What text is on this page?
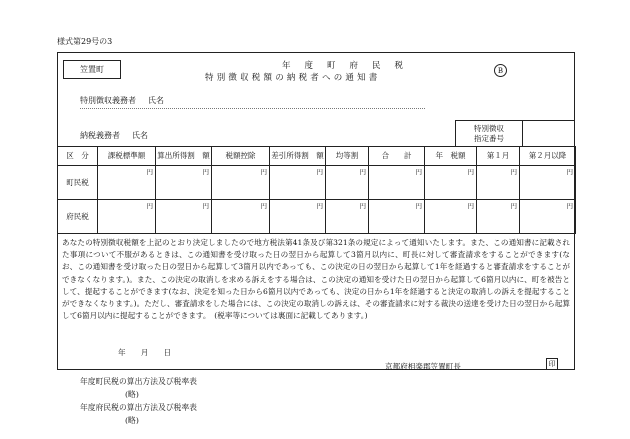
様式第29号の3
笠置町	年度町府民税
特別徴収税額の納税者への通知書
B
特別徴収義務者 氏名
納税義務者 氏名
特別徴収
指定番号
区　分	課税標準額	算出所得割　額	税額控除	差引所得割　額	均等割	合　　計	年　税額	第１月	第２月以降
町民税	円	円	円	円	円	円	円	円	円
府民税	円	円	円	円	円	円	円	円	円
あなたの特別徴収税額を上記のとおり決定しましたので地方税法第41条及び第321条の規定によって通知いたします。また、この通知書に記載された事項について不服があるときは、この通知書を受け取った日の翌日から起算して3箇月以内に、町長に対して審査請求をすることができます(なお、この通知書を受け取った日の翌日から起算して3箇月以内であっても、この決定の日の翌日から起算して1年を経過すると審査請求をすることができなくなります。)。また、この決定の取消しを求める訴えをする場合は、この決定の通知を受けた日の翌日から起算して6箇月以内に、町を被告として、提起することができます(なお、決定を知った日から6箇月以内であっても、決定の日から1年を経過すると決定の取消しの訴えを提起することができなくなります。)。ただし、審査請求をした場合には、この決定の取消しの訴えは、その審査請求に対する裁決の送達を受けた日の翌日から起算して6箇月以内に提起することができます。　(税率等については裏面に記載してあります。)
年　　月　　日
京都府相楽郡笠置町長	印
年度町民税の算出方法及び税率表
(略)
年度府民税の算出方法及び税率表
(略)
